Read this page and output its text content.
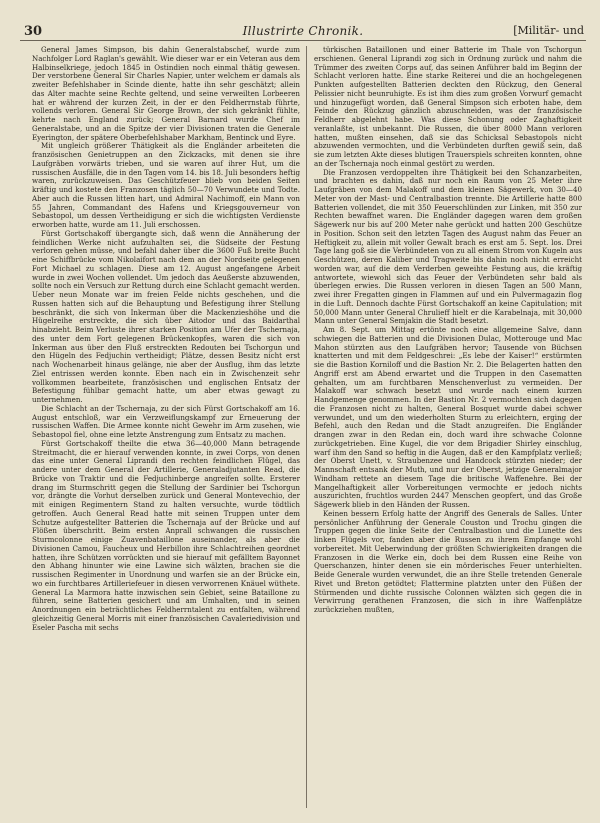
30	Illustrirte Chronik.	[Militär- und

General James Simpson, bis dahin Generalstabschef, wurde zum Nachfolger Lord Raglan's gewählt. Wie dieser war er ein Veteran aus dem Halbinselkriege, jedoch 1845 in Ostindien noch einmal thätig gewesen. Der verstorbene General Sir Charles Napier, unter welchem er damals als zweiter Befehlshaber in Scinde diente, hatte ihn sehr geschätzt; allein das Alter machte seine Rechte geltend, und seine verweilten Lorbeeren hat er während der kurzen Zeit, in der er den Feldherrnstab führte, vollends verloren. General Sir George Brown, der sich gekränkt fühlte, kehrte nach England zurück; General Barnard wurde Chef im Generalstabe, und an die Spitze der vier Divisionen traten die Generale Eyerington, der spätere Oberbefehlshaber Markham, Bentinck und Eyre.

Mit ungleich größerer Thätigkeit als die Engländer arbeiteten die französischen Genietruppen an den Zickzacks, mit denen sie ihre Laufgräben vorwärts trieben, und sie waren auf ihrer Hut, um die russischen Ausfälle, die in den Tagen vom 14. bis 18. Juli besonders heftig waren, zurückzuweisen. Das Geschützfeuer blieb von beiden Seiten kräftig und kostete den Franzosen täglich 50—70 Verwundete und Todte. Aber auch die Russen litten hart, und Admiral Nachimoff, ein Mann von 55 Jahren, Commandant des Hafens und Kriegsgouverneur von Sebastopol, um dessen Vertheidigung er sich die wichtigsten Verdienste erworben hatte, wurde am 11. Juli erschossen.

Fürst Gortschakoff übergangte sich, daß wenn die Annäherung der feindlichen Werke nicht aufzuhalten sei, die Südseite der Festung verloren gehen müsse, und befahl daher über die 3600 Fuß breite Bucht eine Schiffbrücke vom Nikolaifort nach dem an der Nordseite gelegenen Fort Michael zu schlagen. Diese am 12. August angefangene Arbeit wurde in zwei Wochen vollendet. Um jedoch das Aeußerste abzuwenden, sollte noch ein Versuch zur Rettung durch eine Schlacht gemacht werden. Ueber neun Monate war im freien Felde nichts geschehen, und die Russen hatten sich auf die Behauptung und Befestigung ihrer Stellung beschränkt, die sich von Inkerman über die Mackenzieshöhe und die Hügelreihe erstreckte, die sich über Aitodor und das Baidarthal hinabzieht. Beim Verluste ihrer starken Position am Ufer der Tschernaja, des unter dem Fort gelegenen Brückenkopfes, waren die sich von Inkerman aus über den Fluß erstreckten Redouten bei Tschorgun und den Hügeln des Fedjuchin vertheidigt; Plätze, dessen Besitz nicht erst nach Wochenarbeit hinaus gelänge, nie aber der Ausflug, ihm das letzte Ziel entrissen werden konnte. Eben nach ein in Zwischenzeit sehr vollkommen bearbeitete, französischen und englischen Entsatz der Befestigung fühlbar gemacht hatte, um aber etwas gewagt zu unternehmen.

Die Schlacht an der Tschernaja, zu der sich Fürst Gortschakoff am 16. August entschloß, war ein Verzweiflungskampf zur Erneuerung der russischen Waffen. Die Armee konnte nicht Gewehr im Arm zusehen, wie Sebastopol fiel, ohne eine letzte Anstrengung zum Entsatz zu machen.

Fürst Gortschakoff theilte die etwa 36—40,000 Mann betragende Streitmacht, die er hierauf verwenden konnte, in zwei Corps, von denen das eine unter General Liprandi den rechten feindlichen Flügel, das andere unter dem General der Artillerie, Generaladjutanten Read, die Brücke von Traktir und die Fedjuchinberge angreifen sollte. Ersterer drang im Sturmschritt gegen die Stellung der Sardinier bei Tschorgun vor, drängte die Vorhut derselben zurück und General Montevechio, der mit einigen Regimentern Stand zu halten versuchte, wurde tödtlich getroffen. Auch General Read hatte mit seinen Truppen unter dem Schutze aufgestellter Batterien die Tschernaja auf der Brücke und auf Flößen überschritt. Beim ersten Anprall schwangen die russischen Sturmcolonne einige Zuavenbataillone auseinander, als aber die Divisionen Camou, Faucheux und Herbillon ihre Schlachtreihen geordnet hatten, ihre Schützen vorrückten und sie hierauf mit gefälltem Bayonnet den Abhang hinunter wie eine Lawine sich wälzten, brachen sie die russischen Regimenter in Unordnung und warfen sie an der Brücke ein, wo ein furchtbares Artilleriefeuer in diesen verworrenen Knäuel wüthete. General La Marmora hatte inzwischen sein Gebiet, seine Bataillone zu führen, seine Batterien gesichert und am Umhalten, und in seinen Anordnungen ein beträchtliches Feldherrntalent zu entfalten, während gleichzeitig General Morris mit einer französischen Cavaleriedivision und Eseler Pascha mit sechs

türkischen Bataillonen und einer Batterie im Thale von Tschorgun erschienen. General Liprandi zog sich in Ordnung zurück und nahm die Trümmer des zweiten Corps auf, das seinen Anführer bald im Beginn der Schlacht verloren hatte. Eine starke Reiterei und die an hochgelegenen Punkten aufgestellten Batterien deckten den Rückzug, den General Pelissier nicht beunruhigte. Es ist ihm dies zum großen Vorwurf gemacht und hinzugefügt worden, daß General Simpson sich erboten habe, dem Feinde den Rückzug gänzlich abzuschneiden, was der französische Feldherr abgelehnt habe. Was diese Schonung oder Zaghaftigkeit veranlaßte, ist unbekannt. Die Russen, die über 8000 Mann verloren hatten, mußten einsehen, daß sie das Schicksal Sebastopols nicht abzuwenden vermochten, und die Verbündeten durften gewiß sein, daß sie zum letzten Akte dieses blutigen Trauerspiels schreiten konnten, ohne an der Tschernaja noch einmal gestört zu werden.

Die Franzosen verdoppelten ihre Thätigkeit bei den Schanzarbeiten, und brachten es dahin, daß nur noch ein Raum von 25 Meter ihre Laufgräben von dem Malakoff und dem kleinen Sägewerk, von 30—40 Meter von der Mast- und Centralbastion trennte. Die Artillerie hatte 800 Batterien vollendet, die mit 350 Feuerschlünden zur Linken, mit 350 zur Rechten bewaffnet waren. Die Engländer dagegen waren dem großen Sägewerk nur bis auf 200 Meter nahe gerückt und hatten 200 Geschütze in Position. Schon seit den letzten Tagen des August nahm das Feuer an Heftigkeit zu, allein mit voller Gewalt brach es erst am 5. Sept. los. Drei Tage lang goß sie die Verbündeten von zu all einem Strom von Kugeln aus Geschützen, deren Kaliber und Tragweite bis dahin noch nicht erreicht worden war, auf die dem Verderben geweihte Festung aus, die kräftig antwortete, wiewohl sich das Feuer der Verbündeten sehr bald als überlegen erwies. Die Russen verloren in diesen Tagen an 500 Mann, zwei ihrer Fregatten gingen in Flammen auf und ein Pulvermagazin flog in die Luft. Dennoch dachte Fürst Gortschakoff an keine Capitulation; mit 50,000 Mann unter General Chrulieff hielt er die Karabelnaja, mit 30,000 Mann unter General Semjakin die Stadt besetzt.

Am 8. Sept. um Mittag ertönte noch eine allgemeine Salve, dann schwiegen die Batterien und die Divisionen Dulac, Motterouge und Mac Mahon stürzten aus den Laufgräben hervor; Tausende von Büchsen knatterten und mit dem Feldgeschrei: „Es lebe der Kaiser!“ erstürmten sie die Bastion Korniloff und die Bastion Nr. 2. Die Belagerten hatten den Angriff erst am Abend erwartet und die Truppen in den Casematten gehalten, um am furchtbaren Menschenverlust zu vermeiden. Der Malakoff war schwach besetzt und wurde nach einem kurzen Handgemenge genommen. In der Bastion Nr. 2 vermochten sich dagegen die Franzosen nicht zu halten, General Bosquet wurde dabei schwer verwundet, und um den wiederholten Sturm zu erleichtern, erging der Befehl, auch den Redan und die Stadt anzugreifen. Die Engländer drangen zwar in den Redan ein, doch ward ihre schwache Colonne zurückgetrieben. Eine Kugel, die vor dem Brigadier Shirley einschlug, warf ihm den Sand so heftig in die Augen, daß er den Kampfplatz verließ; der Oberst Unett, v. Straubenzee und Handcock stürzten nieder; der Mannschaft entsank der Muth, und nur der Oberst, jetzige Generalmajor Windham rettete an diesem Tage die britische Waffenehre. Bei der Mangelhaftigkeit aller Vorbereitungen vermochte er jedoch nichts auszurichten, fruchtlos wurden 2447 Menschen geopfert, und das Große Sägewerk blieb in den Händen der Russen.

Keinen bessern Erfolg hatte der Angriff des Generals de Salles. Unter persönlicher Anführung der Generale Couston und Trochu gingen die Truppen gegen die linke Seite der Centralbastion und die Lunette des linken Flügels vor, fanden aber die Russen zu ihrem Empfange wohl vorbereitet. Mit Ueberwindung der größten Schwierigkeiten drangen die Franzosen in die Werke ein, doch bei dem Russen eine Reihe von Querschanzen, hinter denen sie ein mörderisches Feuer unterhielten. Beide Generale wurden verwundet, die an ihre Stelle tretenden Generale Rivet und Breton getödtet; Flattermine platzten unter den Füßen der Stürmenden und dichte russische Colonnen wälzten sich gegen die in Verwirrung gerathenen Franzosen, die sich in ihre Waffenplätze zurückziehen mußten,
